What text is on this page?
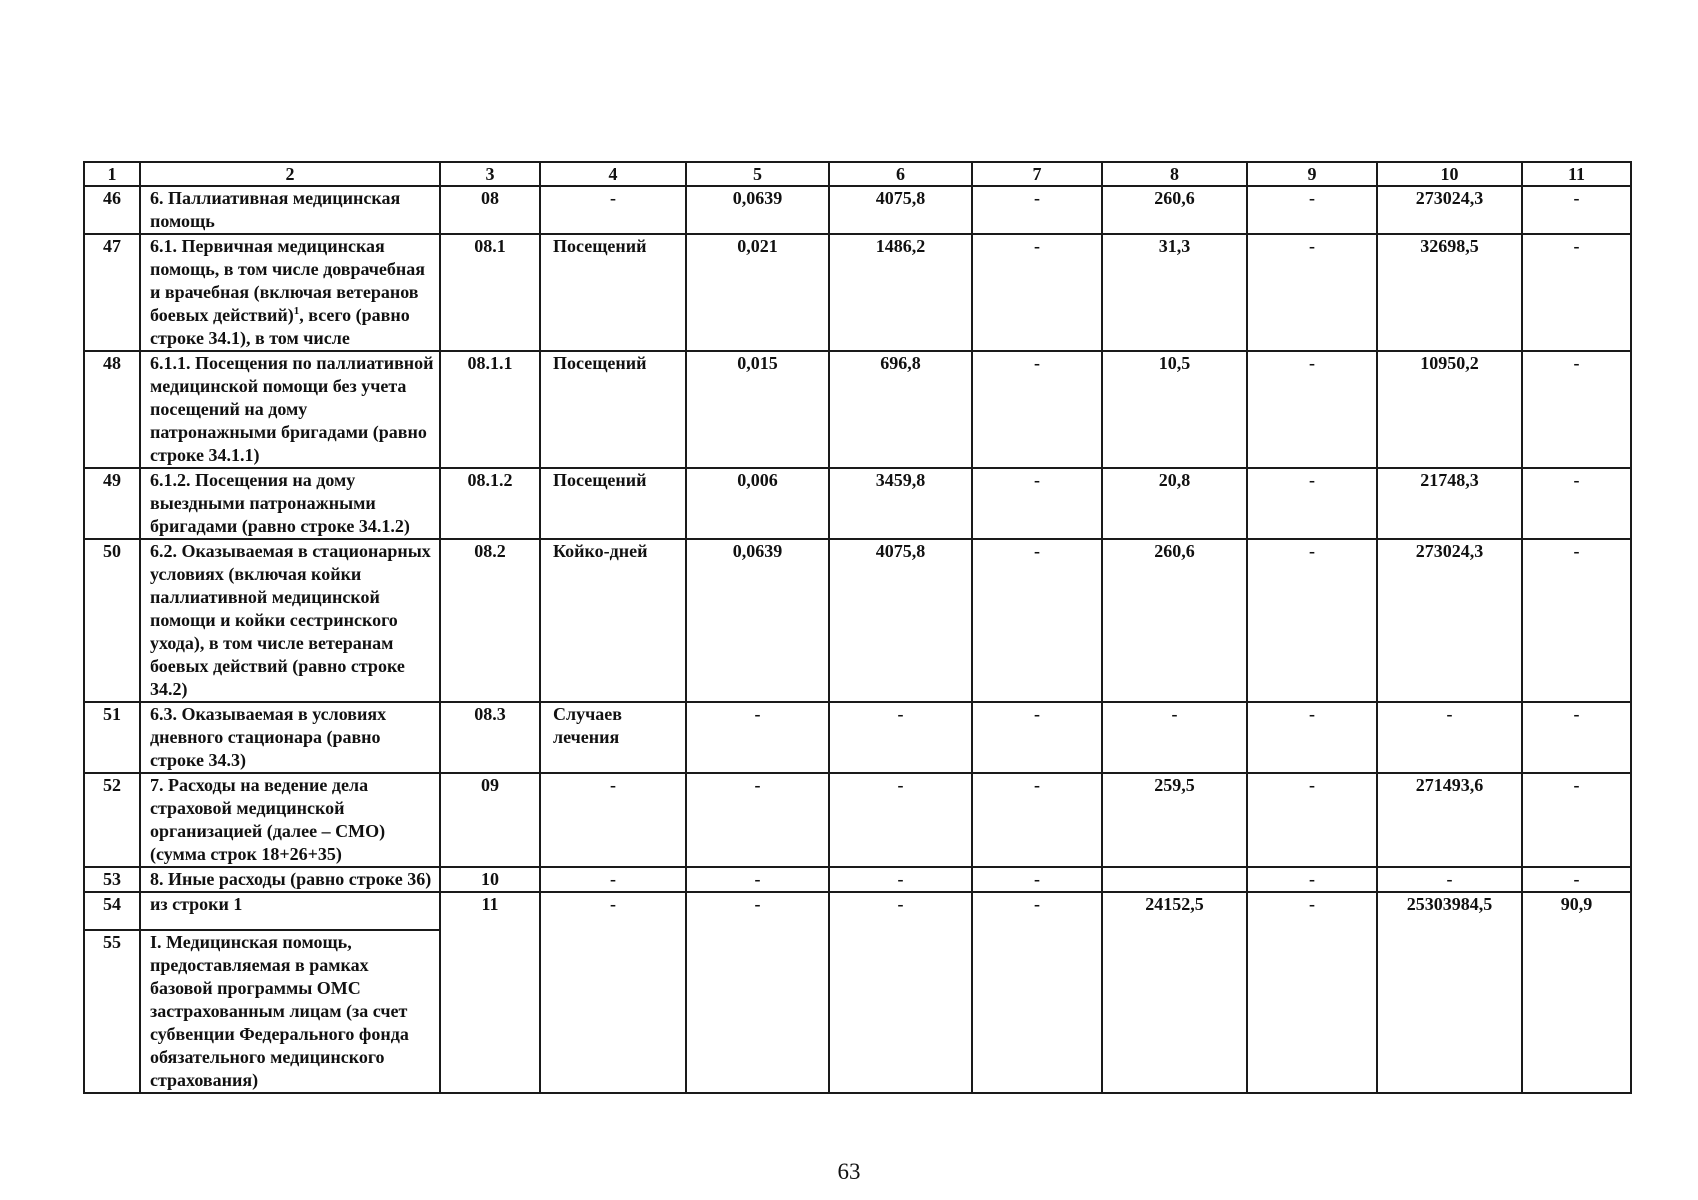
1	2	3	4	5	6	7	8	9	10	11
46	6. Паллиативная медицинская помощь	08	-	0,0639	4075,8	-	260,6	-	273024,3	-
47	6.1. Первичная медицинская помощь, в том числе доврачебная и врачебная (включая ветеранов боевых действий)$^1$, всего (равно строке 34.1), в том числе	08.1	Посещений	0,021	1486,2	-	31,3	-	32698,5	-
48	6.1.1. Посещения по паллиативной медицинской помощи без учета посещений на дому патронажными бригадами (равно строке 34.1.1)	08.1.1	Посещений	0,015	696,8	-	10,5	-	10950,2	-
49	6.1.2. Посещения на дому выездными патронажными бригадами (равно строке 34.1.2)	08.1.2	Посещений	0,006	3459,8	-	20,8	-	21748,3	-
50	6.2. Оказываемая в стационарных условиях (включая койки паллиативной медицинской помощи и койки сестринского ухода), в том числе ветеранам боевых действий (равно строке 34.2)	08.2	Койко-дней	0,0639	4075,8	-	260,6	-	273024,3	-
51	6.3. Оказываемая в условиях дневного стационара (равно строке 34.3)	08.3	Случаев лечения	-	-	-	-	-	-	-
52	7. Расходы на ведение дела страховой медицинской организацией (далее – СМО) (сумма строк 18+26+35)	09	-	-	-	-	259,5	-	271493,6	-
53	8. Иные расходы (равно строке 36)	10	-	-	-	-		-	-	-
54	из строки 1	11	-	-	-	-	24152,5	-	25303984,5	90,9
55	I. Медицинская помощь, предоставляемая в рамках базовой программы ОМС застрахованным лицам (за счет субвенции Федерального фонда обязательного медицинского страхования)									
63
